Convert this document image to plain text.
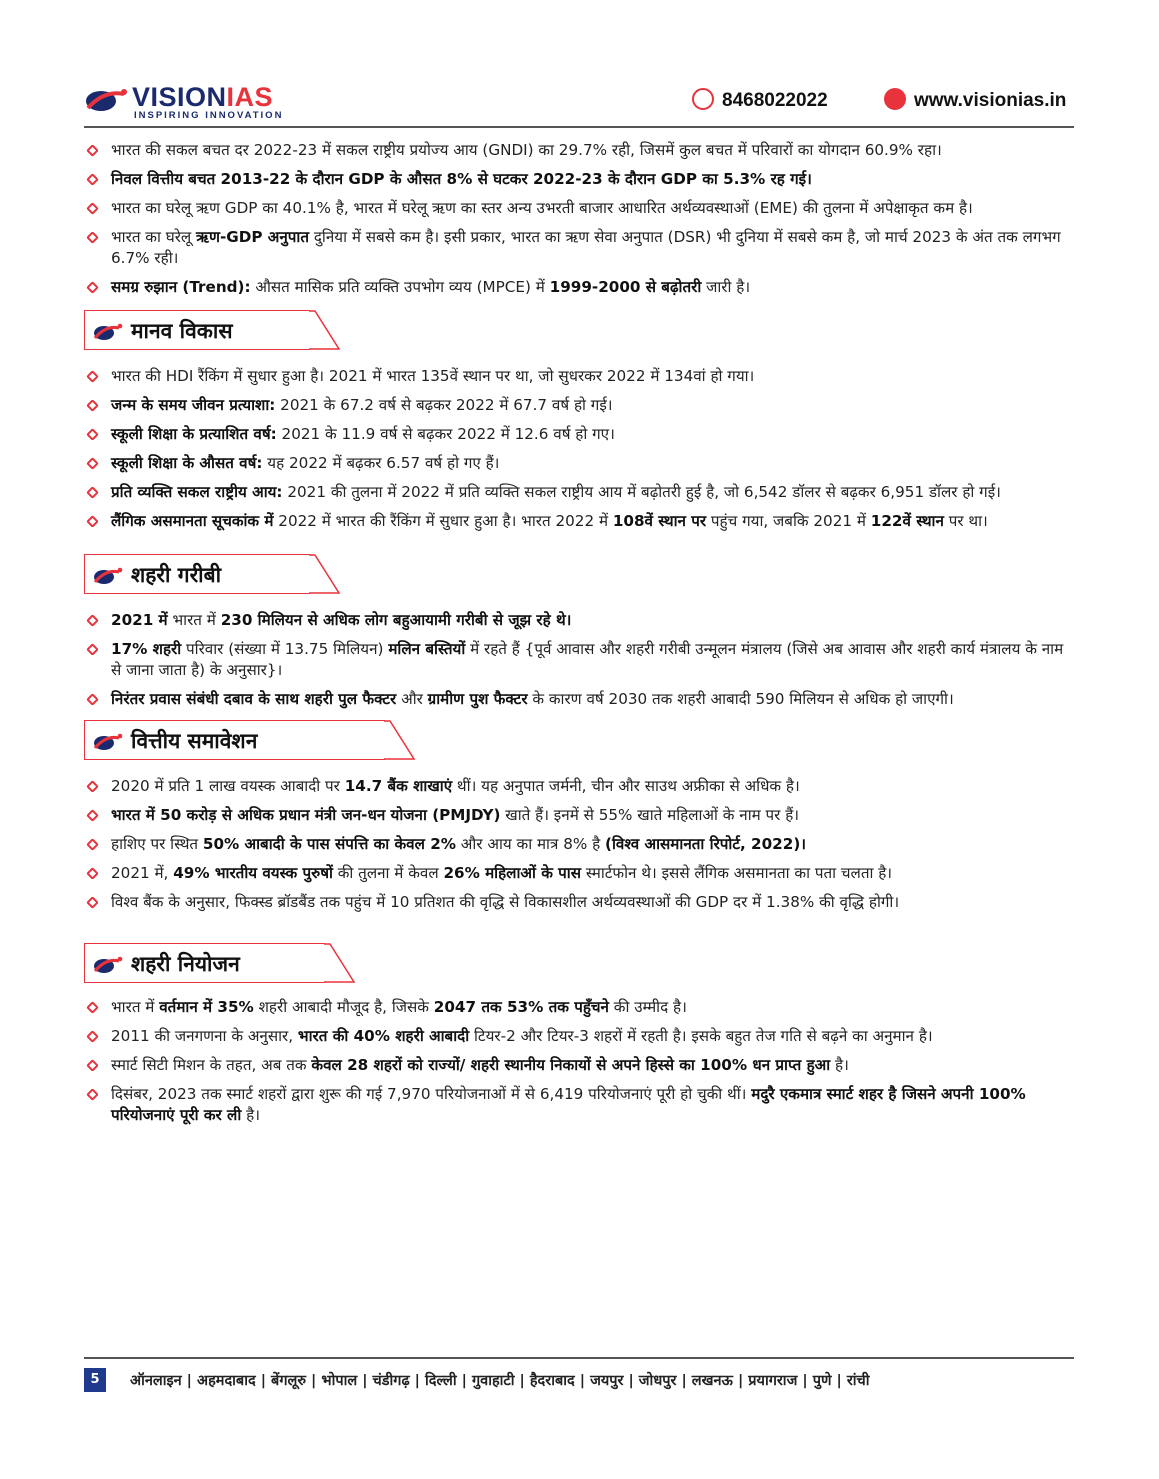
VISIONIAS
INSPIRING INNOVATION
8468022022	www.visionias.in
भारत की सकल बचत दर 2022-23 में सकल राष्ट्रीय प्रयोज्य आय (GNDI) का 29.7% रही, जिसमें कुल बचत में परिवारों का योगदान 60.9% रहा।
निवल वित्तीय बचत 2013-22 के दौरान GDP के औसत 8% से घटकर 2022-23 के दौरान GDP का 5.3% रह गई।
भारत का घरेलू ऋण GDP का 40.1% है, भारत में घरेलू ऋण का स्तर अन्य उभरती बाजार आधारित अर्थव्यवस्थाओं (EME) की तुलना में अपेक्षाकृत कम है।
भारत का घरेलू ऋण-GDP अनुपात दुनिया में सबसे कम है। इसी प्रकार, भारत का ऋण सेवा अनुपात (DSR) भी दुनिया में सबसे कम है, जो मार्च 2023 के अंत तक लगभग 6.7% रही।
समग्र रुझान (Trend): औसत मासिक प्रति व्यक्ति उपभोग व्यय (MPCE) में 1999-2000 से बढ़ोतरी जारी है।
मानव विकास
भारत की HDI रैंकिंग में सुधार हुआ है। 2021 में भारत 135वें स्थान पर था, जो सुधरकर 2022 में 134वां हो गया।
जन्म के समय जीवन प्रत्याशा: 2021 के 67.2 वर्ष से बढ़कर 2022 में 67.7 वर्ष हो गई।
स्कूली शिक्षा के प्रत्याशित वर्ष: 2021 के 11.9 वर्ष से बढ़कर 2022 में 12.6 वर्ष हो गए।
स्कूली शिक्षा के औसत वर्ष: यह 2022 में बढ़कर 6.57 वर्ष हो गए हैं।
प्रति व्यक्ति सकल राष्ट्रीय आय: 2021 की तुलना में 2022 में प्रति व्यक्ति सकल राष्ट्रीय आय में बढ़ोतरी हुई है, जो 6,542 डॉलर से बढ़कर 6,951 डॉलर हो गई।
लैंगिक असमानता सूचकांक में 2022 में भारत की रैंकिंग में सुधार हुआ है। भारत 2022 में 108वें स्थान पर पहुंच गया, जबकि 2021 में 122वें स्थान पर था।
शहरी गरीबी
2021 में भारत में 230 मिलियन से अधिक लोग बहुआयामी गरीबी से जूझ रहे थे।
17% शहरी परिवार (संख्या में 13.75 मिलियन) मलिन बस्तियों में रहते हैं {पूर्व आवास और शहरी गरीबी उन्मूलन मंत्रालय (जिसे अब आवास और शहरी कार्य मंत्रालय के नाम से जाना जाता है) के अनुसार}।
निरंतर प्रवास संबंधी दबाव के साथ शहरी पुल फैक्टर और ग्रामीण पुश फैक्टर के कारण वर्ष 2030 तक शहरी आबादी 590 मिलियन से अधिक हो जाएगी।
वित्तीय समावेशन
2020 में प्रति 1 लाख वयस्क आबादी पर 14.7 बैंक शाखाएं थीं। यह अनुपात जर्मनी, चीन और साउथ अफ्रीका से अधिक है।
भारत में 50 करोड़ से अधिक प्रधान मंत्री जन-धन योजना (PMJDY) खाते हैं। इनमें से 55% खाते महिलाओं के नाम पर हैं।
हाशिए पर स्थित 50% आबादी के पास संपत्ति का केवल 2% और आय का मात्र 8% है (विश्व आसमानता रिपोर्ट, 2022)।
2021 में, 49% भारतीय वयस्क पुरुषों की तुलना में केवल 26% महिलाओं के पास स्मार्टफोन थे। इससे लैंगिक असमानता का पता चलता है।
विश्व बैंक के अनुसार, फिक्स्ड ब्रॉडबैंड तक पहुंच में 10 प्रतिशत की वृद्धि से विकासशील अर्थव्यवस्थाओं की GDP दर में 1.38% की वृद्धि होगी।
शहरी नियोजन
भारत में वर्तमान में 35% शहरी आबादी मौजूद है, जिसके 2047 तक 53% तक पहुँचने की उम्मीद है।
2011 की जनगणना के अनुसार, भारत की 40% शहरी आबादी टियर-2 और टियर-3 शहरों में रहती है। इसके बहुत तेज गति से बढ़ने का अनुमान है।
स्मार्ट सिटी मिशन के तहत, अब तक केवल 28 शहरों को राज्यों/ शहरी स्थानीय निकायों से अपने हिस्से का 100% धन प्राप्त हुआ है।
दिसंबर, 2023 तक स्मार्ट शहरों द्वारा शुरू की गई 7,970 परियोजनाओं में से 6,419 परियोजनाएं पूरी हो चुकी थीं। मदुरै एकमात्र स्मार्ट शहर है जिसने अपनी 100% परियोजनाएं पूरी कर ली है।
5	ऑनलाइन | अहमदाबाद | बेंगलूरु | भोपाल | चंडीगढ़ | दिल्ली | गुवाहाटी | हैदराबाद | जयपुर | जोधपुर | लखनऊ | प्रयागराज | पुणे | रांची
